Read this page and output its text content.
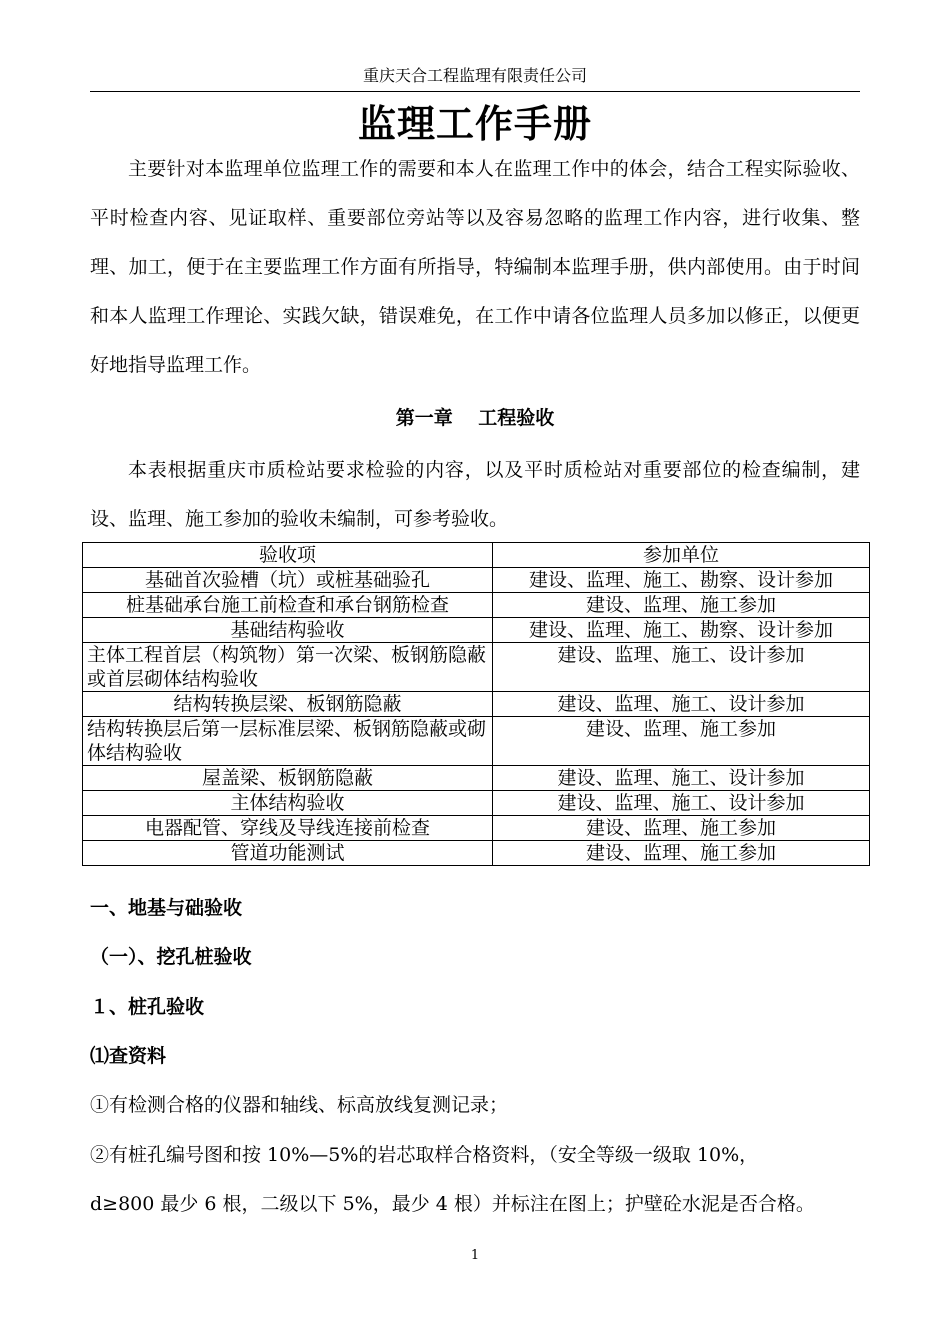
重庆天合工程监理有限责任公司
监理工作手册
主要针对本监理单位监理工作的需要和本人在监理工作中的体会，结合工程实际验收、平时检查内容、见证取样、重要部位旁站等以及容易忽略的监理工作内容，进行收集、整理、加工，便于在主要监理工作方面有所指导，特编制本监理手册，供内部使用。由于时间和本人监理工作理论、实践欠缺，错误难免，在工作中请各位监理人员多加以修正，以便更好地指导监理工作。
第一章　 工程验收
本表根据重庆市质检站要求检验的内容，以及平时质检站对重要部位的检查编制，建设、监理、施工参加的验收未编制，可参考验收。
验收项	参加单位
基础首次验槽（坑）或桩基础验孔	建设、监理、施工、勘察、设计参加
桩基础承台施工前检查和承台钢筋检查	建设、监理、施工参加
基础结构验收	建设、监理、施工、勘察、设计参加
主体工程首层（构筑物）第一次梁、板钢筋隐蔽或首层砌体结构验收	建设、监理、施工、设计参加
结构转换层梁、板钢筋隐蔽	建设、监理、施工、设计参加
结构转换层后第一层标准层梁、板钢筋隐蔽或砌体结构验收	建设、监理、施工参加
屋盖梁、板钢筋隐蔽	建设、监理、施工、设计参加
主体结构验收	建设、监理、施工、设计参加
电器配管、穿线及导线连接前检查	建设、监理、施工参加
管道功能测试	建设、监理、施工参加
一、地基与础验收
（一）、挖孔桩验收
１、桩孔验收
⑴查资料
①有检测合格的仪器和轴线、标高放线复测记录；
②有桩孔编号图和按 10%—5%的岩芯取样合格资料，（安全等级一级取 10%，
d≥800 最少 6 根，二级以下 5%，最少 4 根）并标注在图上；护壁砼水泥是否合格。
1
